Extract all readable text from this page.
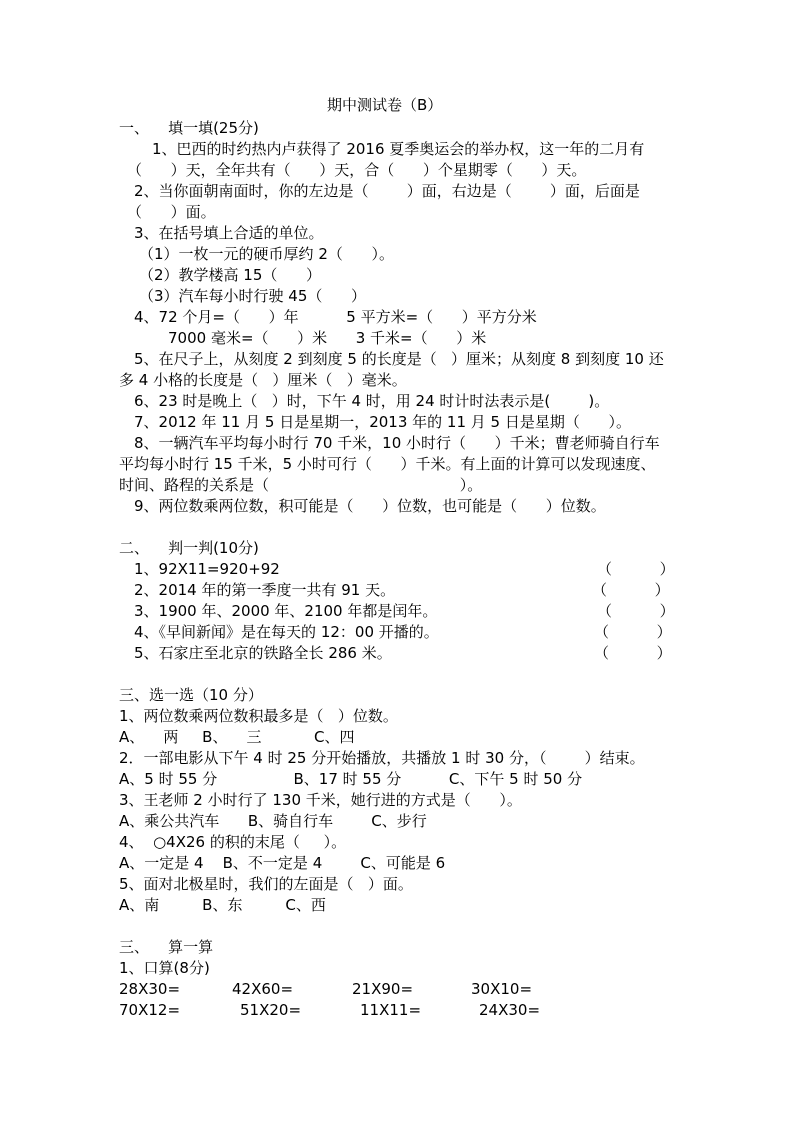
期中测试卷（B）
一、    填一填(25分)
1、巴西的时约热内卢获得了 2016 夏季奥运会的举办权，这一年的二月有
（      ）天，全年共有（      ）天，合（      ）个星期零（      ）天。
2、当你面朝南面时，你的左边是（        ）面，右边是（        ）面，后面是
（      ）面。
3、在括号填上合适的单位。
（1）一枚一元的硬币厚约 2（      ）。
（2）教学楼高 15（      ）
（3）汽车每小时行驶 45（      ）
4、72 个月=（      ）年          5 平方米=（      ）平方分米
7000 毫米=（      ）米      3 千米=（      ）米
5、在尺子上，从刻度 2 到刻度 5 的长度是（   ）厘米；从刻度 8 到刻度 10 还
多 4 小格的长度是（   ）厘米（   ）毫米。
6、23 时是晚上（   ）时，下午 4 时，用 24 时计时法表示是(        )。
7、2012 年 11 月 5 日是星期一，2013 年的 11 月 5 日是星期（      ）。
8、一辆汽车平均每小时行 70 千米，10 小时行（      ）千米；曹老师骑自行车
平均每小时行 15 千米，5 小时可行（      ）千米。有上面的计算可以发现速度、
时间、路程的关系是（                                        ）。
9、两位数乘两位数，积可能是（      ）位数，也可能是（      ）位数。
二、    判一判(10分)
1、92X11=920+92	（          ）
2、2014 年的第一季度一共有 91 天。	（          ）
3、1900 年、2000 年、2100 年都是闰年。	（          ）
4、《早间新闻》是在每天的 12：00 开播的。	（          ）
5、石家庄至北京的铁路全长 286 米。	（          ）
三、选一选（10 分）
1、两位数乘两位数积最多是（   ）位数。
A、    两     B、    三           C、四
2．一部电影从下午 4 时 25 分开始播放，共播放 1 时 30 分，（        ）结束。
A、5 时 55 分                B、17 时 55 分          C、下午 5 时 50 分
3、王老师 2 小时行了 130 千米，她行进的方式是（      ）。
A、乘公共汽车      B、骑自行车        C、步行
4、  ○4X26 的积的末尾（     ）。
A、一定是 4    B、不一定是 4        C、可能是 6
5、面对北极星时，我们的左面是（   ）面。
A、南         B、东         C、西
三、    算一算
1、口算(8分)
28X30=	42X60=	21X90=	30X10=
70X12=	51X20=	11X11=	24X30=
